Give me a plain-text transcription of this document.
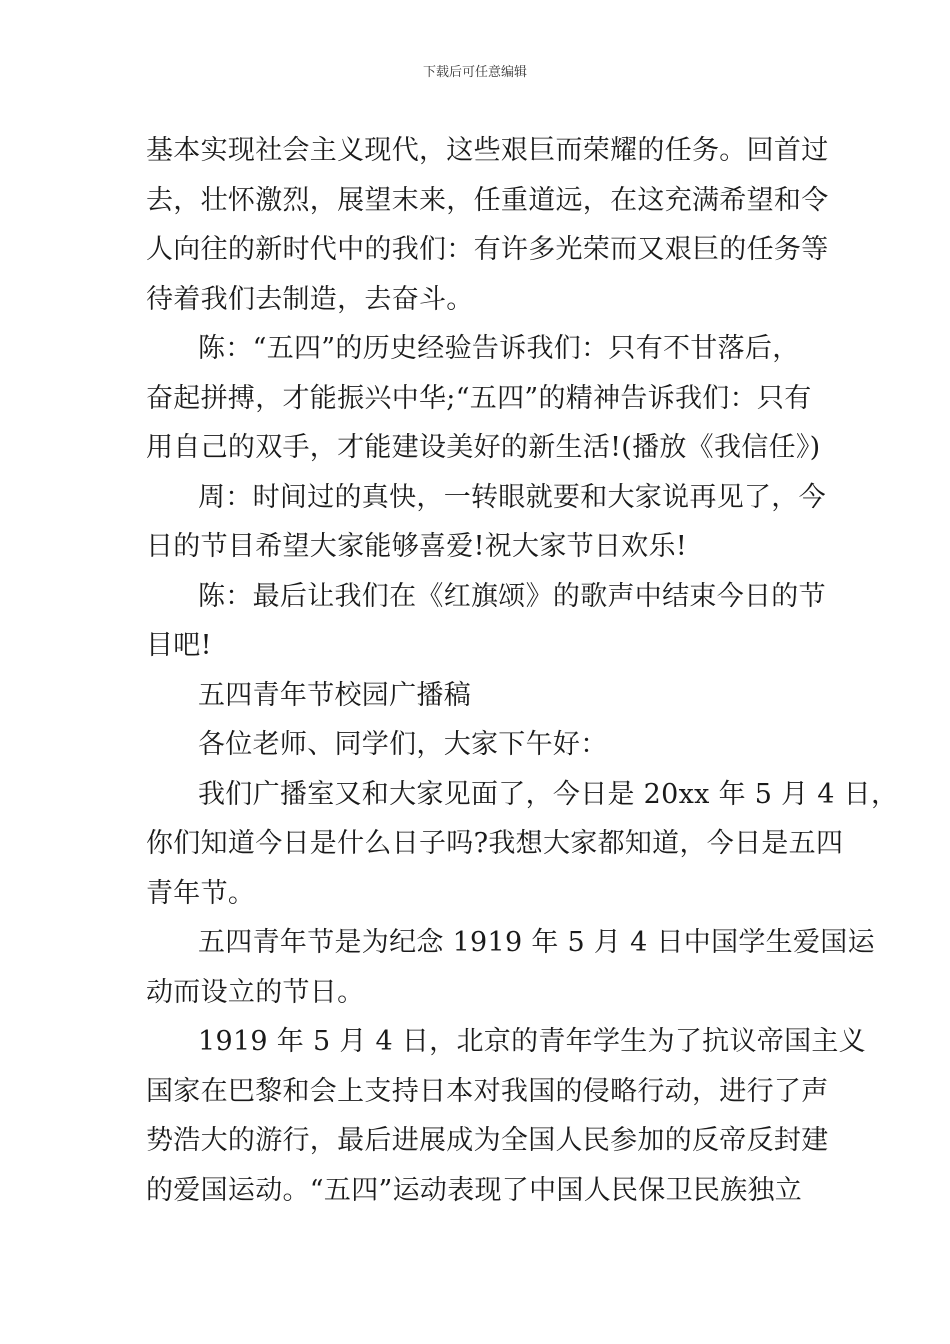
下载后可任意编辑
基本实现社会主义现代，这些艰巨而荣耀的任务。回首过
去，壮怀激烈，展望末来，任重道远，在这充满希望和令
人向往的新时代中的我们：有许多光荣而又艰巨的任务等
待着我们去制造，去奋斗。
陈：“五四”的历史经验告诉我们：只有不甘落后，
奋起拼搏，才能振兴中华;“五四”的精神告诉我们：只有
用自己的双手，才能建设美好的新生活!(播放《我信任》)
周：时间过的真快，一转眼就要和大家说再见了，今
日的节目希望大家能够喜爱!祝大家节日欢乐!
陈：最后让我们在《红旗颂》的歌声中结束今日的节
目吧!
五四青年节校园广播稿
各位老师、同学们，大家下午好：
我们广播室又和大家见面了，今日是 20xx 年 5 月 4 日，
你们知道今日是什么日子吗?我想大家都知道，今日是五四
青年节。
五四青年节是为纪念 1919 年 5 月 4 日中国学生爱国运
动而设立的节日。
1919 年 5 月 4 日，北京的青年学生为了抗议帝国主义
国家在巴黎和会上支持日本对我国的侵略行动，进行了声
势浩大的游行，最后进展成为全国人民参加的反帝反封建
的爱国运动。“五四”运动表现了中国人民保卫民族独立
